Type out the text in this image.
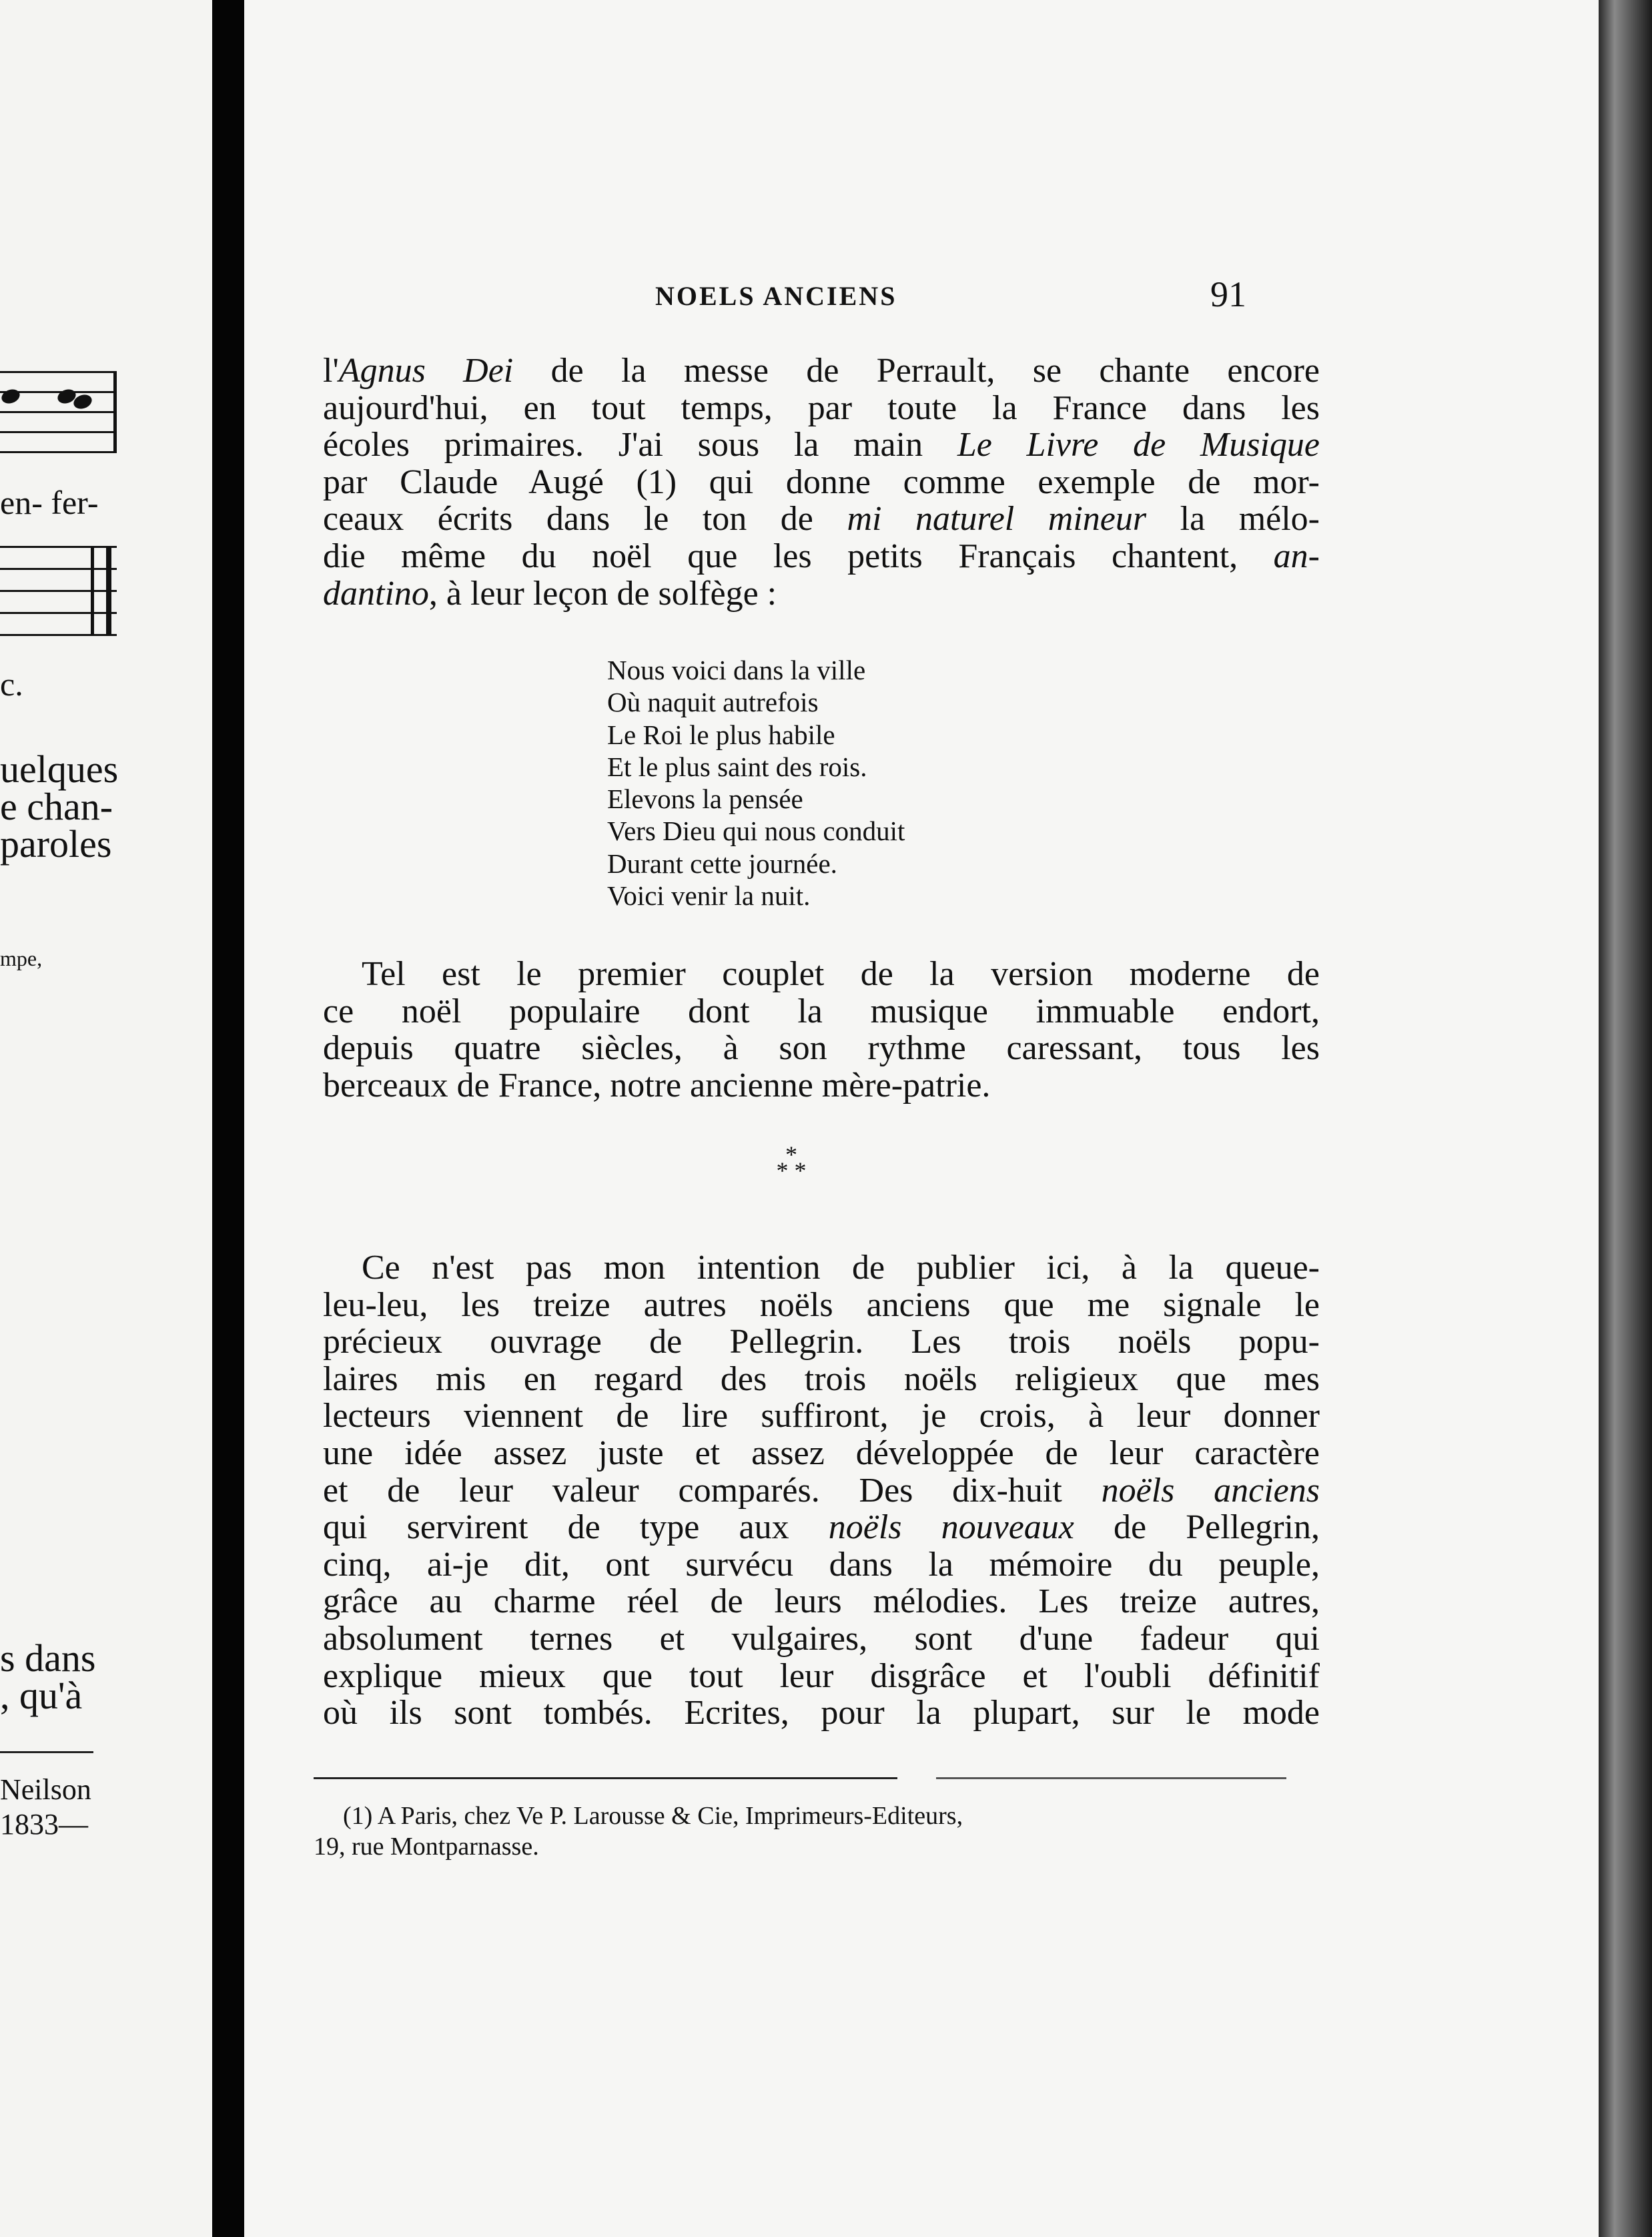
en- fer-
c.
uelques
e chan-
paroles
mpe,
s dans
, qu'à
Neilson
1833—
NOELS ANCIENS	91
l'Agnus Dei de la messe de Perrault, se chante encore
aujourd'hui, en tout temps, par toute la France dans les
écoles primaires. J'ai sous la main Le Livre de Musique
par Claude Augé (1) qui donne comme exemple de mor-
ceaux écrits dans le ton de mi naturel mineur la mélo-
die même du noël que les petits Français chantent, an-
dantino, à leur leçon de solfège :
Nous voici dans la ville
Où naquit autrefois
Le Roi le plus habile
Et le plus saint des rois.
Elevons la pensée
Vers Dieu qui nous conduit
Durant cette journée.
Voici venir la nuit.
Tel est le premier couplet de la version moderne de
ce noël populaire dont la musique immuable endort,
depuis quatre siècles, à son rythme caressant, tous les
berceaux de France, notre ancienne mère-patrie.
*
* *
Ce n'est pas mon intention de publier ici, à la queue-
leu-leu, les treize autres noëls anciens que me signale le
précieux ouvrage de Pellegrin. Les trois noëls popu-
laires mis en regard des trois noëls religieux que mes
lecteurs viennent de lire suffiront, je crois, à leur donner
une idée assez juste et assez développée de leur caractère
et de leur valeur comparés. Des dix-huit noëls anciens
qui servirent de type aux noëls nouveaux de Pellegrin,
cinq, ai-je dit, ont survécu dans la mémoire du peuple,
grâce au charme réel de leurs mélodies. Les treize autres,
absolument ternes et vulgaires, sont d'une fadeur qui
explique mieux que tout leur disgrâce et l'oubli définitif
où ils sont tombés. Ecrites, pour la plupart, sur le mode
(1) A Paris, chez Ve P. Larousse & Cie, Imprimeurs-Editeurs,
19, rue Montparnasse.
